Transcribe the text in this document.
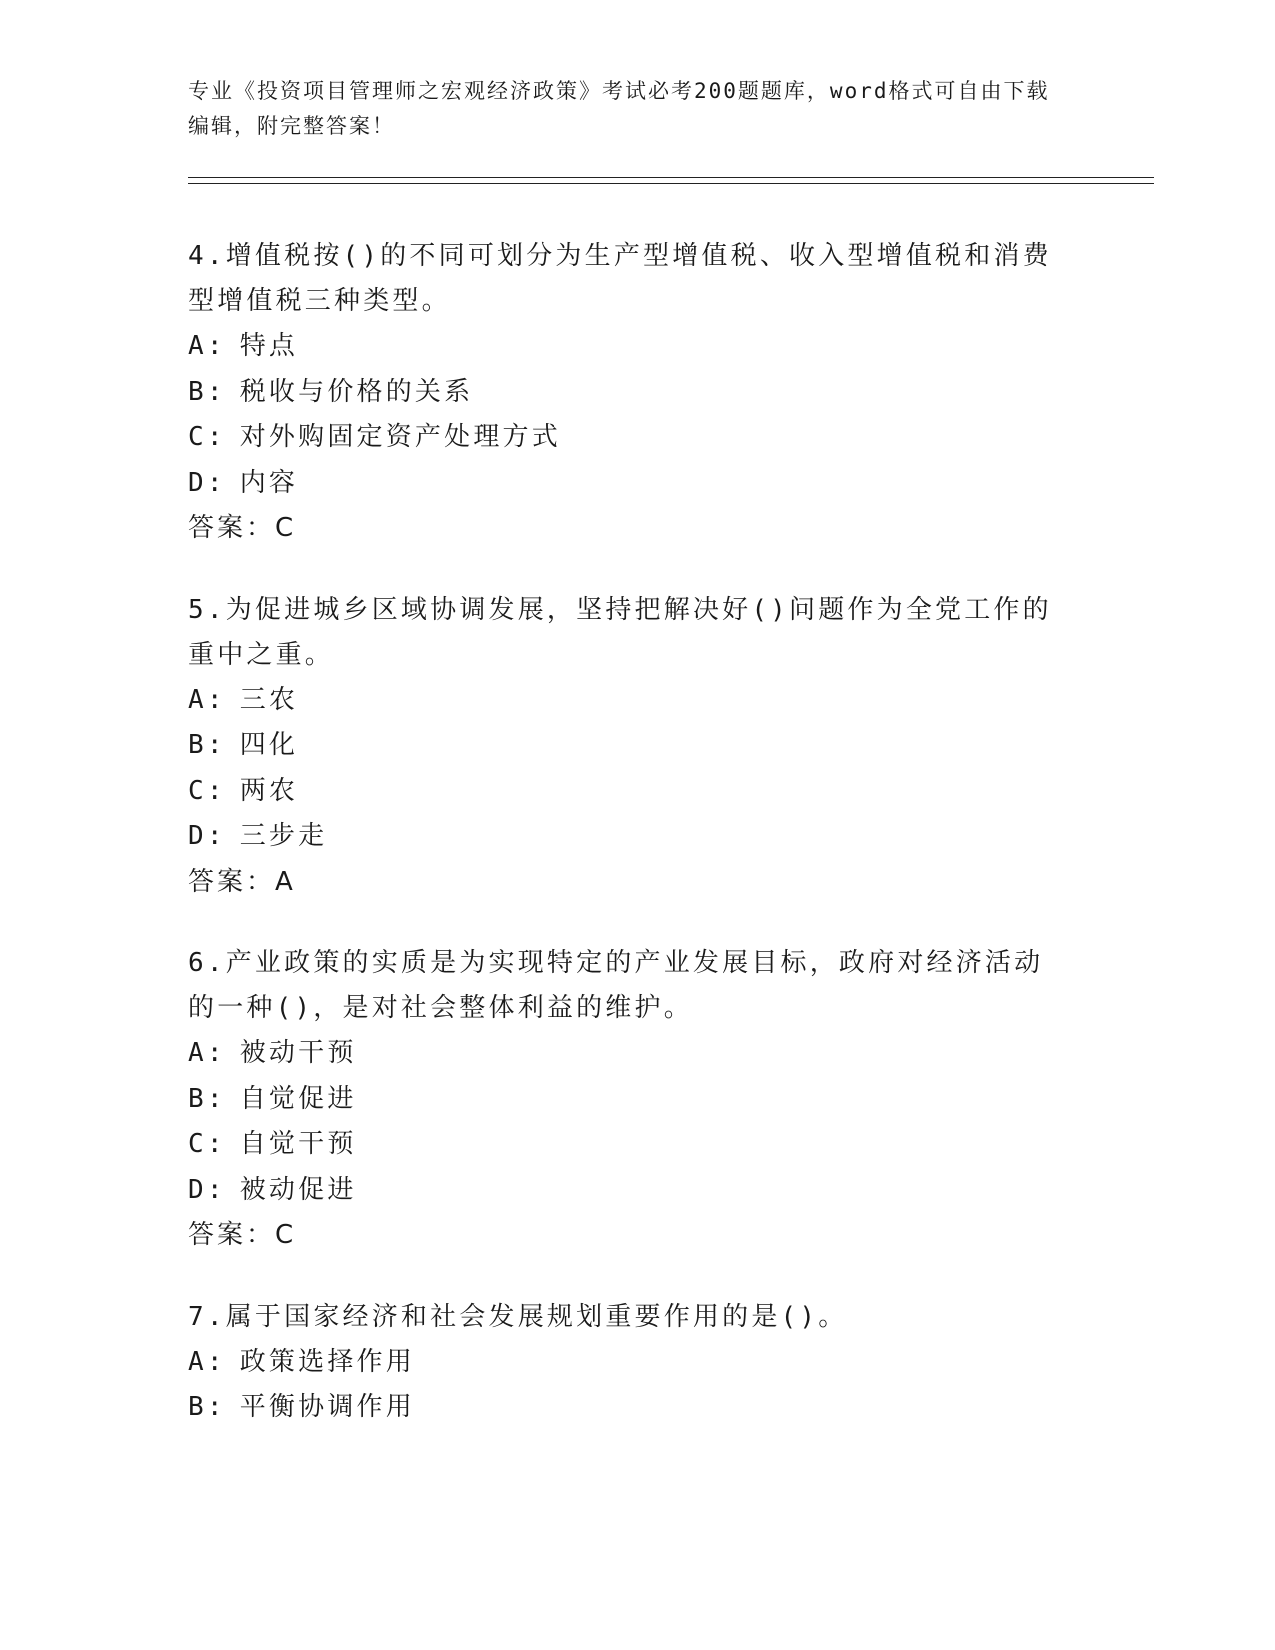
专业《投资项目管理师之宏观经济政策》考试必考200题题库，word格式可自由下载编辑，附完整答案！

4.增值税按()的不同可划分为生产型增值税、收入型增值税和消费型增值税三种类型。

A: 特点

B: 税收与价格的关系

C: 对外购固定资产处理方式

D: 内容

答案：C

5.为促进城乡区域协调发展，坚持把解决好()问题作为全党工作的重中之重。

A: 三农

B: 四化

C: 两农

D: 三步走

答案：A

6.产业政策的实质是为实现特定的产业发展目标，政府对经济活动的一种()，是对社会整体利益的维护。

A: 被动干预

B: 自觉促进

C: 自觉干预

D: 被动促进

答案：C

7.属于国家经济和社会发展规划重要作用的是()。

A: 政策选择作用

B: 平衡协调作用
